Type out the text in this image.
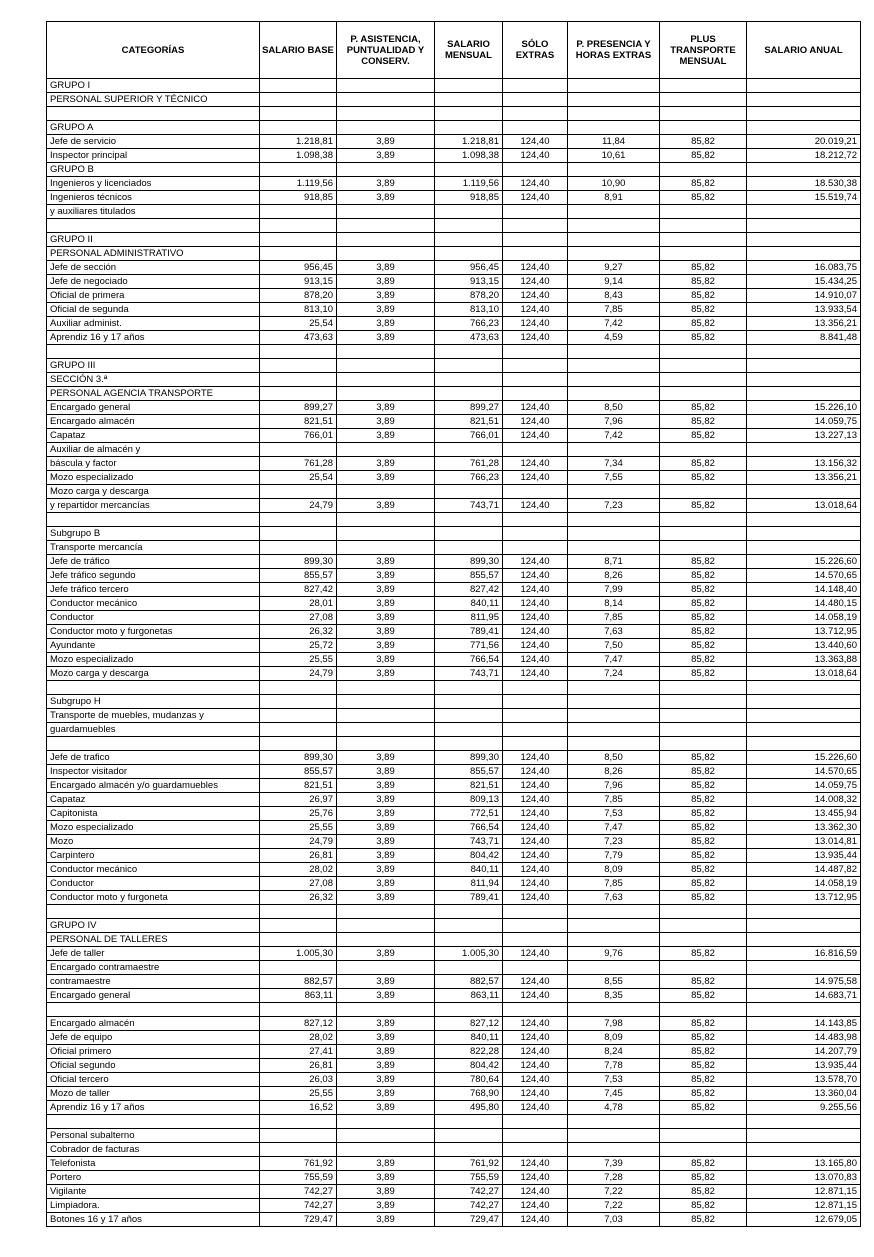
CATEGORÍAS	SALARIO BASE	P. ASISTENCIA, PUNTUALIDAD Y CONSERV.	SALARIO MENSUAL	SÓLO EXTRAS	P. PRESENCIA Y HORAS EXTRAS	PLUS TRANSPORTE MENSUAL	SALARIO ANUAL
GRUPO I							
PERSONAL SUPERIOR Y TÉCNICO							

GRUPO A							
Jefe de servicio	1.218,81	3,89	1.218,81	124,40	11,84	85,82	20.019,21
Inspector principal	1.098,38	3,89	1.098,38	124,40	10,61	85,82	18.212,72
GRUPO B							
Ingenieros y licenciados	1.119,56	3,89	1.119,56	124,40	10,90	85,82	18.530,38
Ingenieros técnicos	918,85	3,89	918,85	124,40	8,91	85,82	15.519,74
y auxiliares titulados							

GRUPO II							
PERSONAL ADMINISTRATIVO							
Jefe de sección	956,45	3,89	956,45	124,40	9,27	85,82	16.083,75
Jefe de negociado	913,15	3,89	913,15	124,40	9,14	85,82	15.434,25
Oficial de primera	878,20	3,89	878,20	124,40	8,43	85,82	14.910,07
Oficial de segunda	813,10	3,89	813,10	124,40	7,85	85,82	13.933,54
Auxiliar administ.	25,54	3,89	766,23	124,40	7,42	85,82	13.356,21
Aprendiz 16 y 17 años	473,63	3,89	473,63	124,40	4,59	85,82	8.841,48

GRUPO III							
SECCIÓN 3.ª							
PERSONAL AGENCIA TRANSPORTE							
Encargado general	899,27	3,89	899,27	124,40	8,50	85,82	15.226,10
Encargado almacén	821,51	3,89	821,51	124,40	7,96	85,82	14.059,75
Capataz	766,01	3,89	766,01	124,40	7,42	85,82	13.227,13
Auxiliar de almacén y							
báscula y factor	761,28	3,89	761,28	124,40	7,34	85,82	13.156,32
Mozo especializado	25,54	3,89	766,23	124,40	7,55	85,82	13.356,21
Mozo carga y descarga							
y repartidor mercancías	24,79	3,89	743,71	124,40	7,23	85,82	13.018,64

Subgrupo B							
Transporte mercancía							
Jefe de tráfico	899,30	3,89	899,30	124,40	8,71	85,82	15.226,60
Jefe tráfico segundo	855,57	3,89	855,57	124,40	8,26	85,82	14.570,65
Jefe tráfico tercero	827,42	3,89	827,42	124,40	7,99	85,82	14.148,40
Conductor mecánico	28,01	3,89	840,11	124,40	8,14	85,82	14.480,15
Conductor	27,08	3,89	811,95	124,40	7,85	85,82	14.058,19
Conductor moto y furgonetas	26,32	3,89	789,41	124,40	7,63	85,82	13.712,95
Ayundante	25,72	3,89	771,56	124,40	7,50	85,82	13.440,60
Mozo especializado	25,55	3,89	766,54	124,40	7,47	85,82	13.363,88
Mozo carga y descarga	24,79	3,89	743,71	124,40	7,24	85,82	13.018,64

Subgrupo H							
Transporte de muebles, mudanzas y							
guardamuebles							

Jefe de trafico	899,30	3,89	899,30	124,40	8,50	85,82	15.226,60
Inspector visitador	855,57	3,89	855,57	124,40	8,26	85,82	14.570,65
Encargado almacén y/o guardamuebles	821,51	3,89	821,51	124,40	7,96	85,82	14.059,75
Capataz	26,97	3,89	809,13	124,40	7,85	85,82	14.008,32
Capitonista	25,76	3,89	772,51	124,40	7,53	85,82	13.455,94
Mozo especializado	25,55	3,89	766,54	124,40	7,47	85,82	13.362,30
Mozo	24,79	3,89	743,71	124,40	7,23	85,82	13.014,81
Carpintero	26,81	3,89	804,42	124,40	7,79	85,82	13.935,44
Conductor mecánico	28,02	3,89	840,11	124,40	8,09	85,82	14.487,82
Conductor	27,08	3,89	811,94	124,40	7,85	85,82	14.058,19
Conductor moto y furgoneta	26,32	3,89	789,41	124,40	7,63	85,82	13.712,95

GRUPO IV							
PERSONAL DE TALLERES							
Jefe de taller	1.005,30	3,89	1.005,30	124,40	9,76	85,82	16.816,59
Encargado contramaestre							
contramaestre	882,57	3,89	882,57	124,40	8,55	85,82	14.975,58
Encargado general	863,11	3,89	863,11	124,40	8,35	85,82	14.683,71

Encargado almacén	827,12	3,89	827,12	124,40	7,98	85,82	14.143,85
Jefe de equipo	28,02	3,89	840,11	124,40	8,09	85,82	14.483,98
Oficial primero	27,41	3,89	822,28	124,40	8,24	85,82	14.207,79
Oficial segundo	26,81	3,89	804,42	124,40	7,78	85,82	13.935,44
Oficial tercero	26,03	3,89	780,64	124,40	7,53	85,82	13.578,70
Mozo de taller	25,55	3,89	768,90	124,40	7,45	85,82	13.360,04
Aprendiz 16 y 17 años	16,52	3,89	495,80	124,40	4,78	85,82	9.255,56

Personal subalterno							
Cobrador de facturas							
Telefonista	761,92	3,89	761,92	124,40	7,39	85,82	13.165,80
Portero	755,59	3,89	755,59	124,40	7,28	85,82	13.070,83
Vigilante	742,27	3,89	742,27	124,40	7,22	85,82	12.871,15
Limpiadora.	742,27	3,89	742,27	124,40	7,22	85,82	12.871,15
Botones 16 y 17 años	729,47	3,89	729,47	124,40	7,03	85,82	12.679,05
